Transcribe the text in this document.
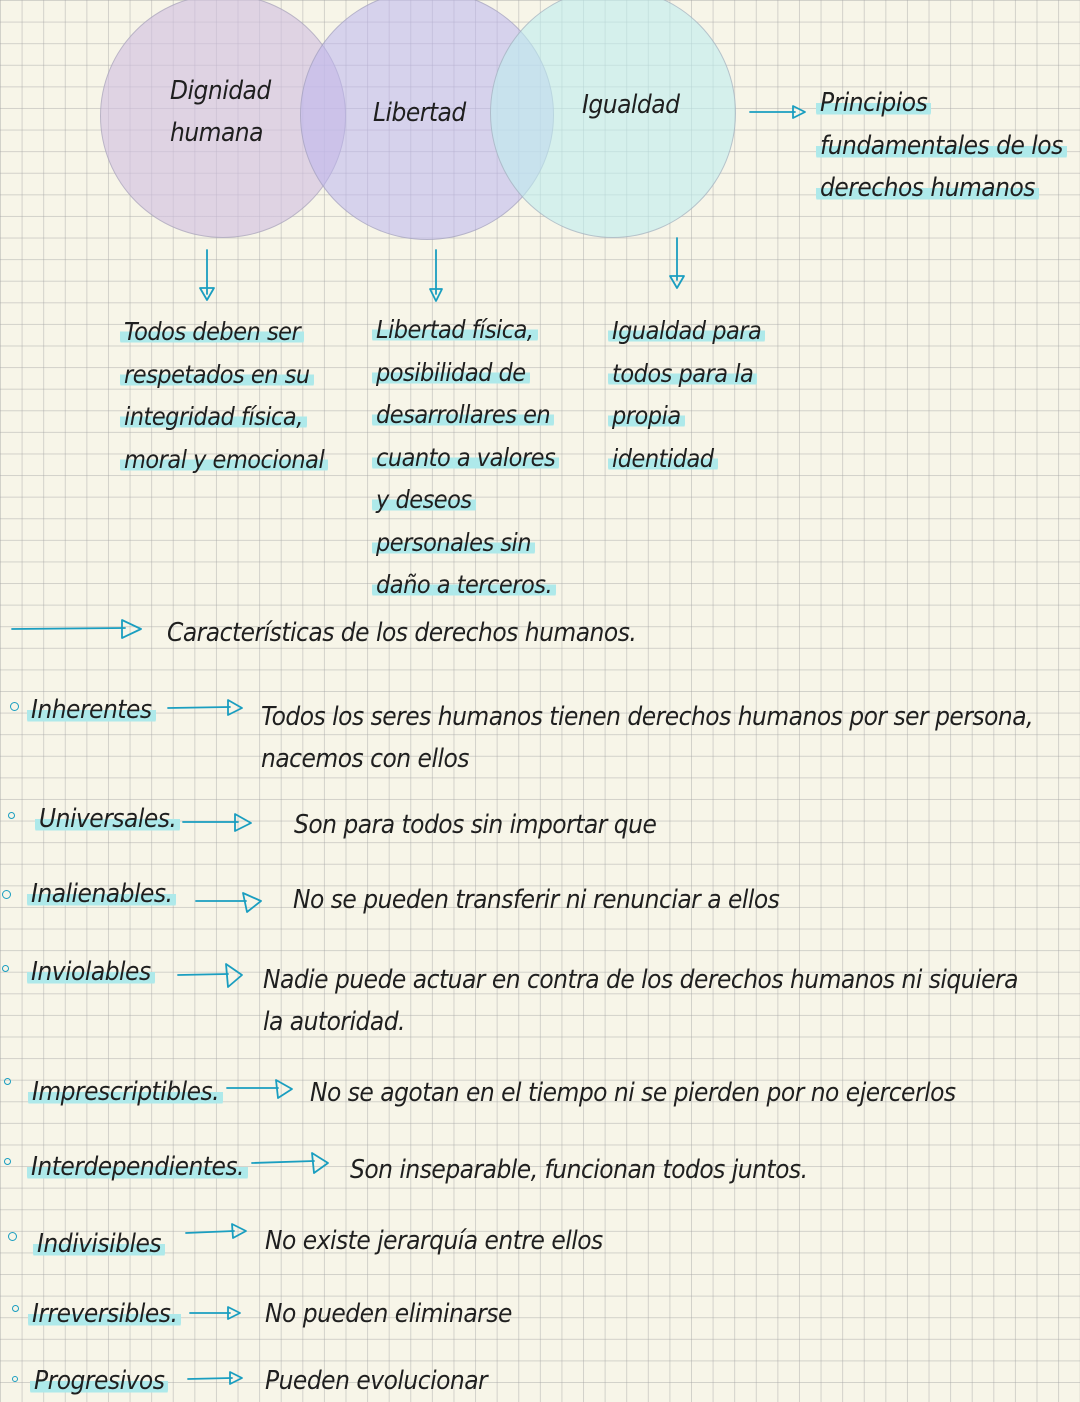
Dignidad
humana
Libertad	Igualdad	Principios
fundamentales de los
derechos humanos
Todos deben ser
respetados en su
integridad física,
moral y emocional
Libertad física,
posibilidad de
desarrollares en
cuanto a valores
y deseos
personales sin
daño a terceros.
Igualdad para
todos para la
propia
identidad
Características de los derechos humanos.
Inherentes	Todos los seres humanos tienen derechos humanos por ser persona,
nacemos con ellos
Universales.	Son para todos sin importar que
Inalienables.	No se pueden transferir ni renunciar a ellos
Inviolables	Nadie puede actuar en contra de los derechos humanos ni siquiera
la autoridad.
Imprescriptibles.	No se agotan en el tiempo ni se pierden por no ejercerlos
Interdependientes.	Son inseparable, funcionan todos juntos.
Indivisibles	No existe jerarquía entre ellos
Irreversibles.	No pueden eliminarse
Progresivos	Pueden evolucionar
